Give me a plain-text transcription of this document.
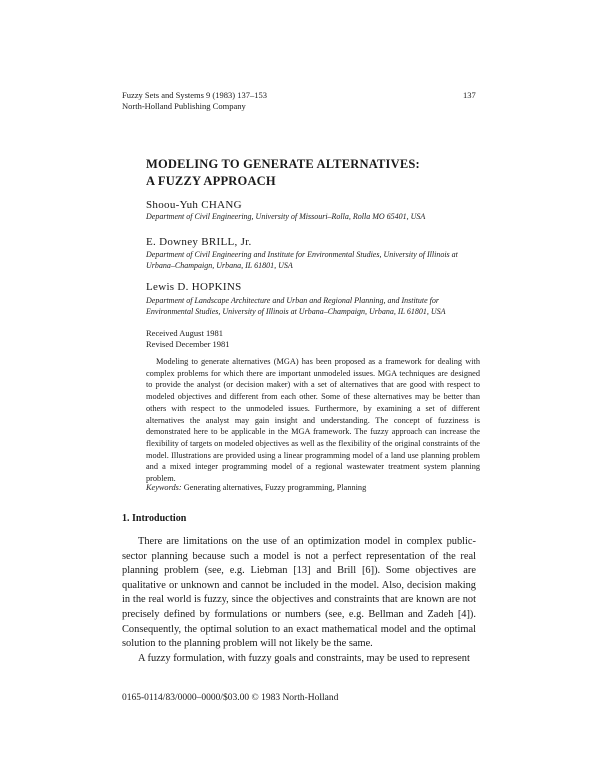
Fuzzy Sets and Systems 9 (1983) 137–153
North-Holland Publishing Company
137
MODELING TO GENERATE ALTERNATIVES:
A FUZZY APPROACH
Shoou-Yuh CHANG
Department of Civil Engineering, University of Missouri–Rolla, Rolla MO 65401, USA
E. Downey BRILL, Jr.
Department of Civil Engineering and Institute for Environmental Studies, University of Illinois at Urbana–Champaign, Urbana, IL 61801, USA
Lewis D. HOPKINS
Department of Landscape Architecture and Urban and Regional Planning, and Institute for Environmental Studies, University of Illinois at Urbana–Champaign, Urbana, IL 61801, USA
Received August 1981
Revised December 1981
Modeling to generate alternatives (MGA) has been proposed as a framework for dealing with complex problems for which there are important unmodeled issues. MGA techniques are designed to provide the analyst (or decision maker) with a set of alternatives that are good with respect to modeled objectives and different from each other. Some of these alternatives may be better than others with respect to the unmodeled issues. Furthermore, by examining a set of different alternatives the analyst may gain insight and understanding. The concept of fuzziness is demonstrated here to be applicable in the MGA framework. The fuzzy approach can increase the flexibility of targets on modeled objectives as well as the flexibility of the original constraints of the model. Illustrations are provided using a linear programming model of a land use planning problem and a mixed integer programming model of a regional wastewater treatment system planning problem.
Keywords: Generating alternatives, Fuzzy programming, Planning
1. Introduction

There are limitations on the use of an optimization model in complex public-sector planning because such a model is not a perfect representation of the real planning problem (see, e.g. Liebman [13] and Brill [6]). Some objectives are qualitative or unknown and cannot be included in the model. Also, decision making in the real world is fuzzy, since the objectives and constraints that are known are not precisely defined by formulations or numbers (see, e.g. Bellman and Zadeh [4]). Consequently, the optimal solution to an exact mathematical model and the optimal solution to the planning problem will not likely be the same.

A fuzzy formulation, with fuzzy goals and constraints, may be used to represent

0165-0114/83/0000–0000/$03.00 © 1983 North-Holland
